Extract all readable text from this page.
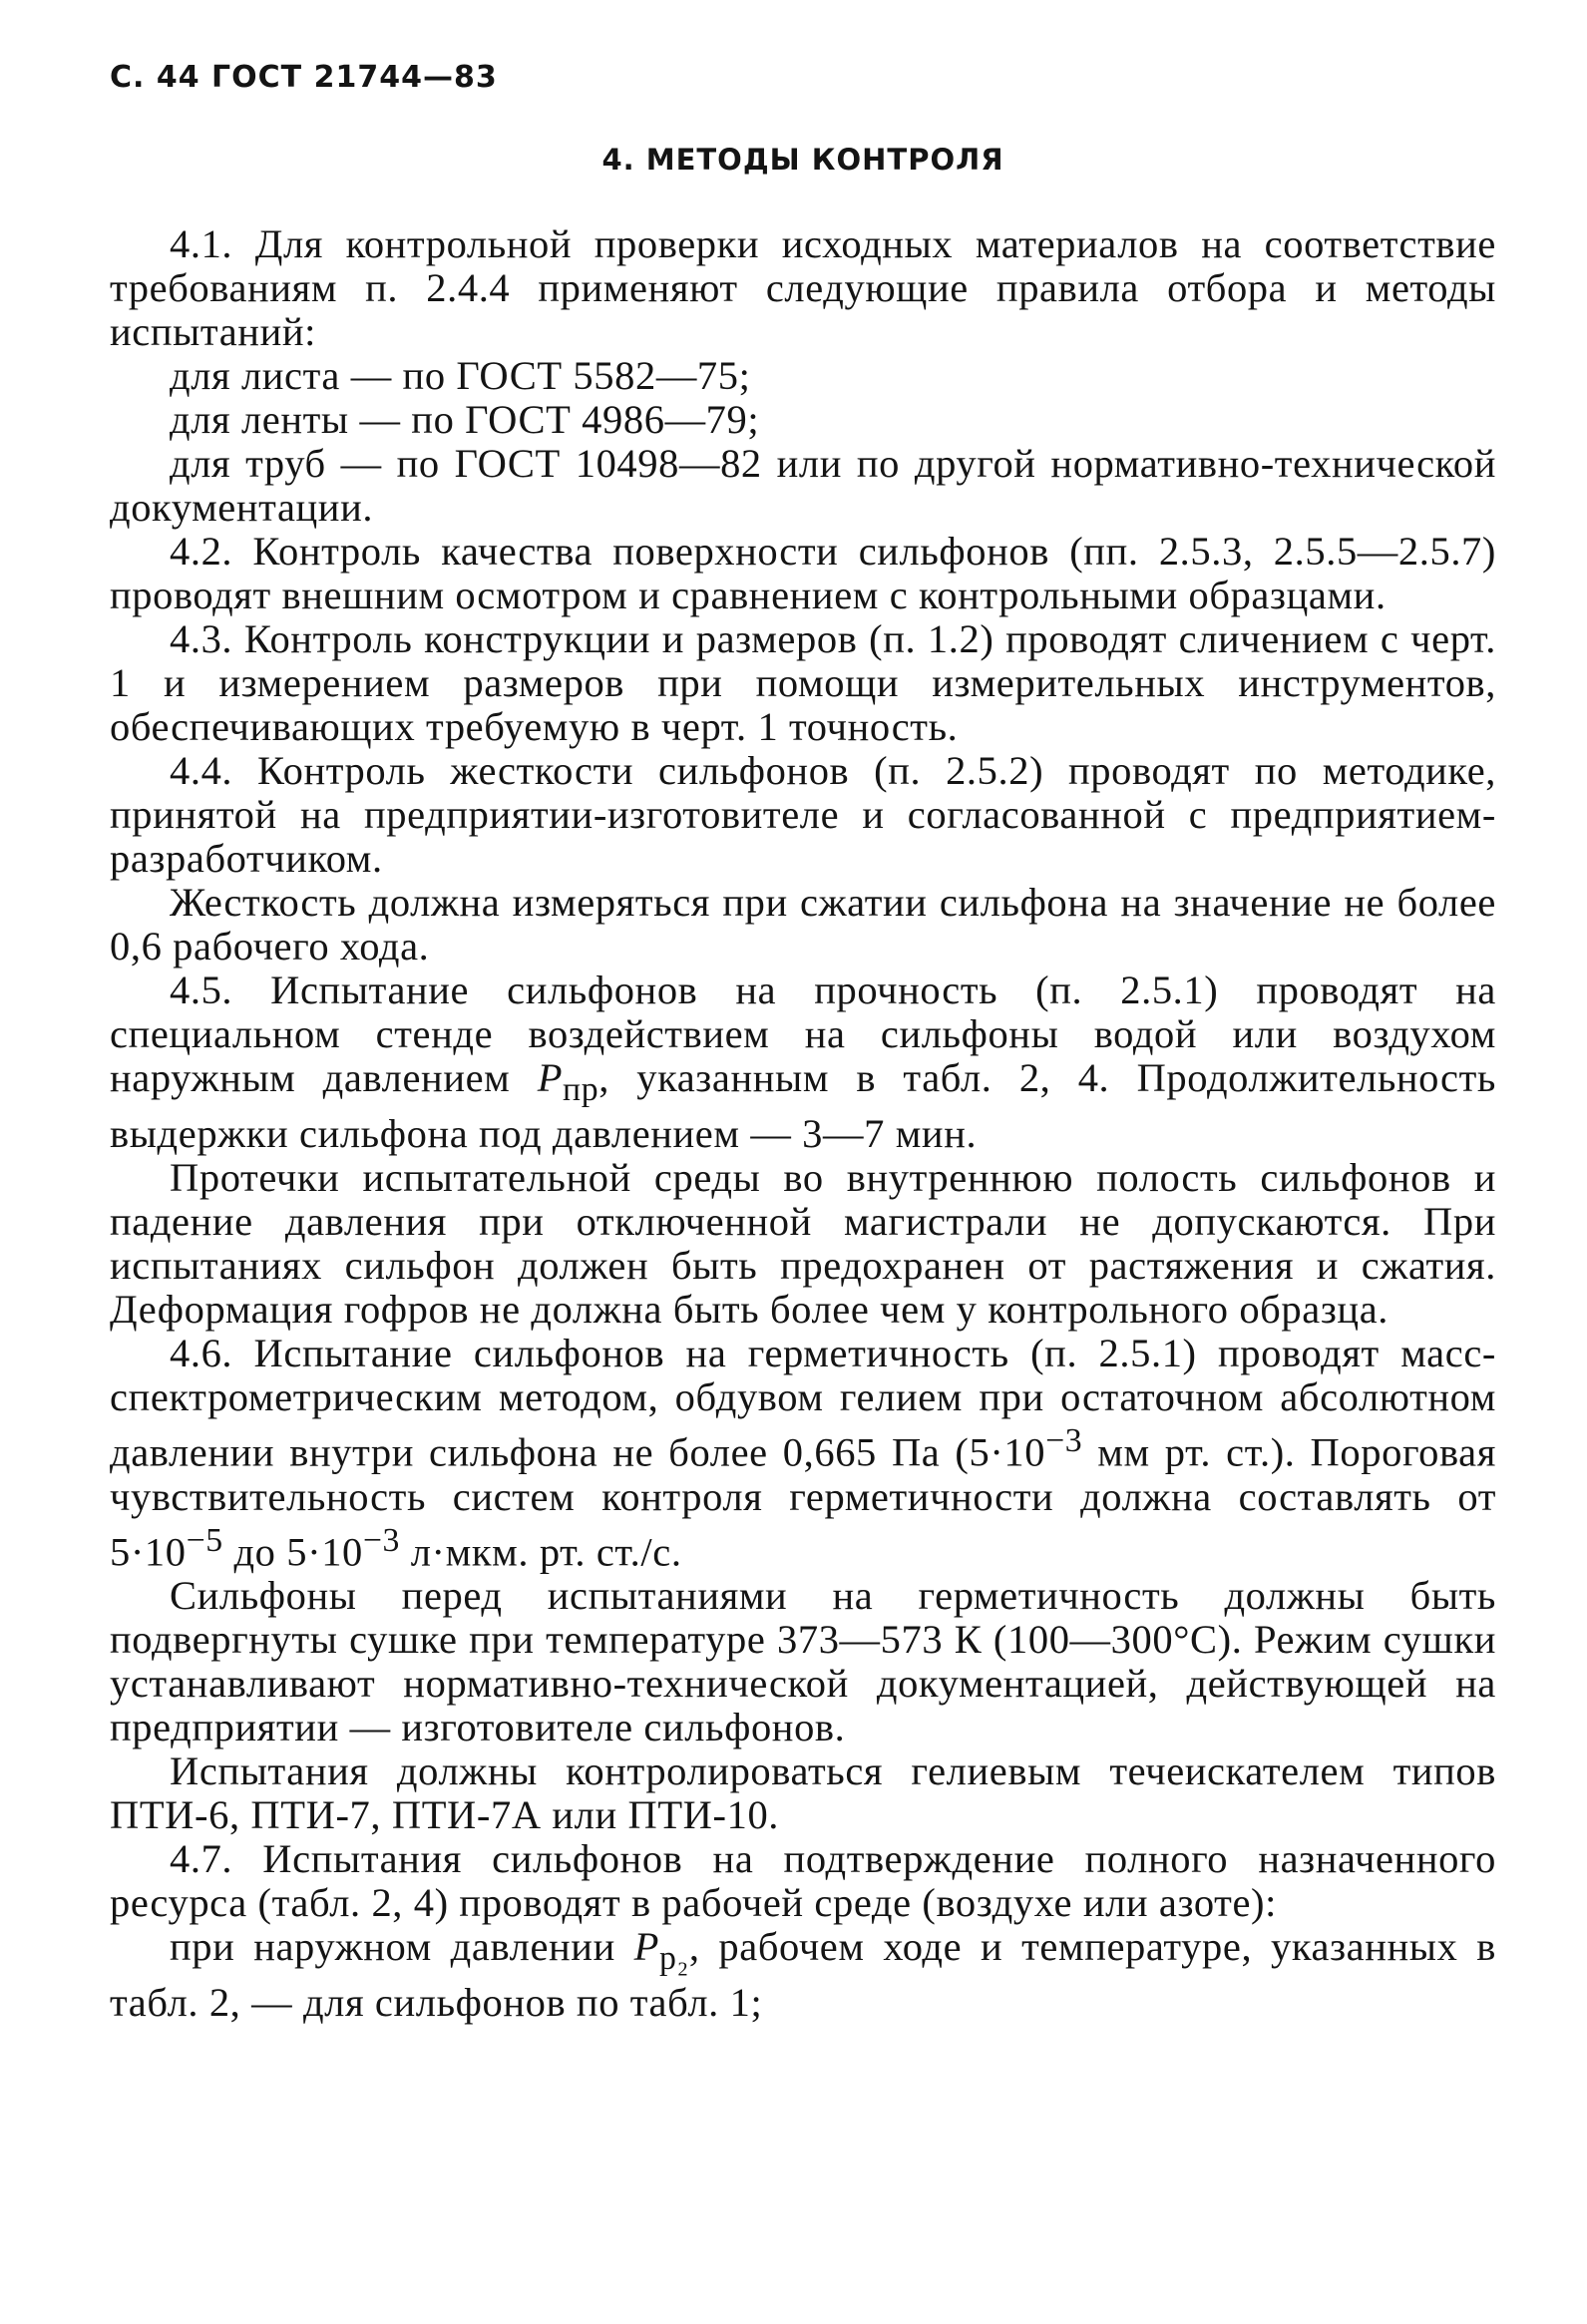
С. 44 ГОСТ 21744—83
4. МЕТОДЫ КОНТРОЛЯ

4.1. Для контрольной проверки исходных материалов на соответствие требованиям п. 2.4.4 применяют следующие правила отбора и методы испытаний:

для листа — по ГОСТ 5582—75;

для ленты — по ГОСТ 4986—79;

для труб — по ГОСТ 10498—82 или по другой нормативно-технической документации.

4.2. Контроль качества поверхности сильфонов (пп. 2.5.3, 2.5.5—2.5.7) проводят внешним осмотром и сравнением с контрольными образцами.

4.3. Контроль конструкции и размеров (п. 1.2) проводят сличением с черт. 1 и измерением размеров при помощи измерительных инструментов, обеспечивающих требуемую в черт. 1 точность.

4.4. Контроль жесткости сильфонов (п. 2.5.2) проводят по методике, принятой на предприятии-изготовителе и согласованной с предприятием-разработчиком.

Жесткость должна измеряться при сжатии сильфона на значение не более 0,6 рабочего хода.

4.5. Испытание сильфонов на прочность (п. 2.5.1) проводят на специальном стенде воздействием на сильфоны водой или воздухом наружным давлением $P_{пр}$, указанным в табл. 2, 4. Продолжительность выдержки сильфона под давлением — 3—7 мин.

Протечки испытательной среды во внутреннюю полость сильфонов и падение давления при отключенной магистрали не допускаются. При испытаниях сильфон должен быть предохранен от растяжения и сжатия. Деформация гофров не должна быть более чем у контрольного образца.

4.6. Испытание сильфонов на герметичность (п. 2.5.1) проводят масс-спектрометрическим методом, обдувом гелием при остаточном абсолютном давлении внутри сильфона не более 0,665 Па ($5\cdot 10^{-3}$ мм рт. ст.). Пороговая чувствительность систем контроля герметичности должна составлять от $5\cdot 10^{-5}$ до $5\cdot 10^{-3}$ л·мкм. рт. ст./с.

Сильфоны перед испытаниями на герметичность должны быть подвергнуты сушке при температуре 373—573 К (100—300°С). Режим сушки устанавливают нормативно-технической документацией, действующей на предприятии — изготовителе сильфонов.

Испытания должны контролироваться гелиевым течеискателем типов ПТИ-6, ПТИ-7, ПТИ-7А или ПТИ-10.

4.7. Испытания сильфонов на подтверждение полного назначенного ресурса (табл. 2, 4) проводят в рабочей среде (воздухе или азоте):

при наружном давлении $P_{р_2}$, рабочем ходе и температуре, указанных в табл. 2, — для сильфонов по табл. 1;
